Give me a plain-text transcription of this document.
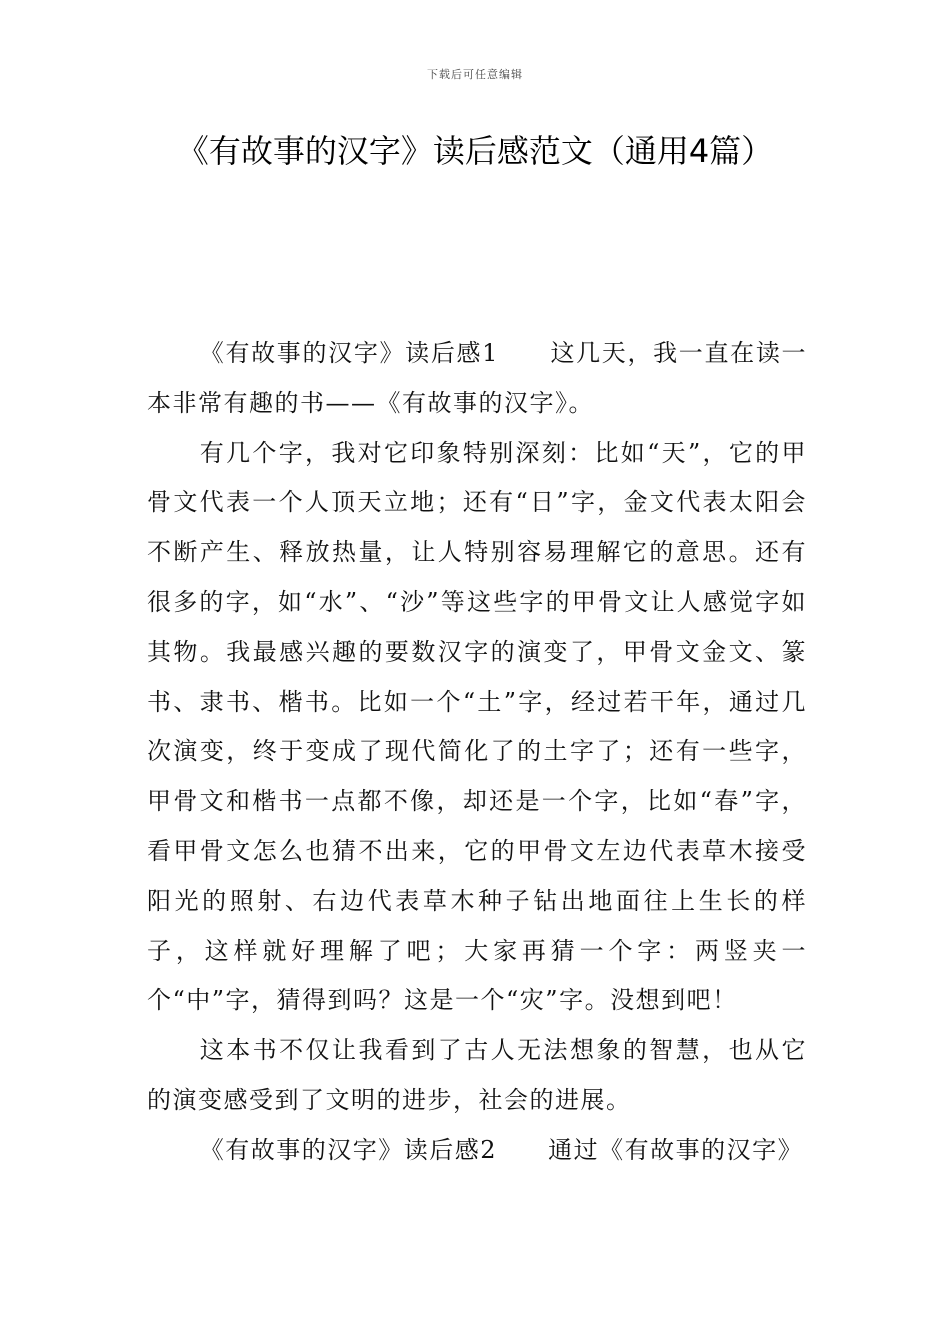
下载后可任意编辑
《有故事的汉字》读后感范文（通用4篇）

《有故事的汉字》读后感1　　这几天，我一直在读一本非常有趣的书——《有故事的汉字》。

有几个字，我对它印象特别深刻：比如“天”，它的甲骨文代表一个人顶天立地；还有“日”字，金文代表太阳会不断产生、释放热量，让人特别容易理解它的意思。还有很多的字，如“水”、“沙”等这些字的甲骨文让人感觉字如其物。我最感兴趣的要数汉字的演变了，甲骨文金文、篆书、隶书、楷书。比如一个“土”字，经过若干年，通过几次演变，终于变成了现代简化了的土字了；还有一些字，甲骨文和楷书一点都不像，却还是一个字，比如“春”字，看甲骨文怎么也猜不出来，它的甲骨文左边代表草木接受阳光的照射、右边代表草木种子钻出地面往上生长的样子，这样就好理解了吧；大家再猜一个字：两竖夹一个“中”字，猜得到吗？这是一个“灾”字。没想到吧！

这本书不仅让我看到了古人无法想象的智慧，也从它的演变感受到了文明的进步，社会的进展。

《有故事的汉字》读后感2　　通过《有故事的汉字》
